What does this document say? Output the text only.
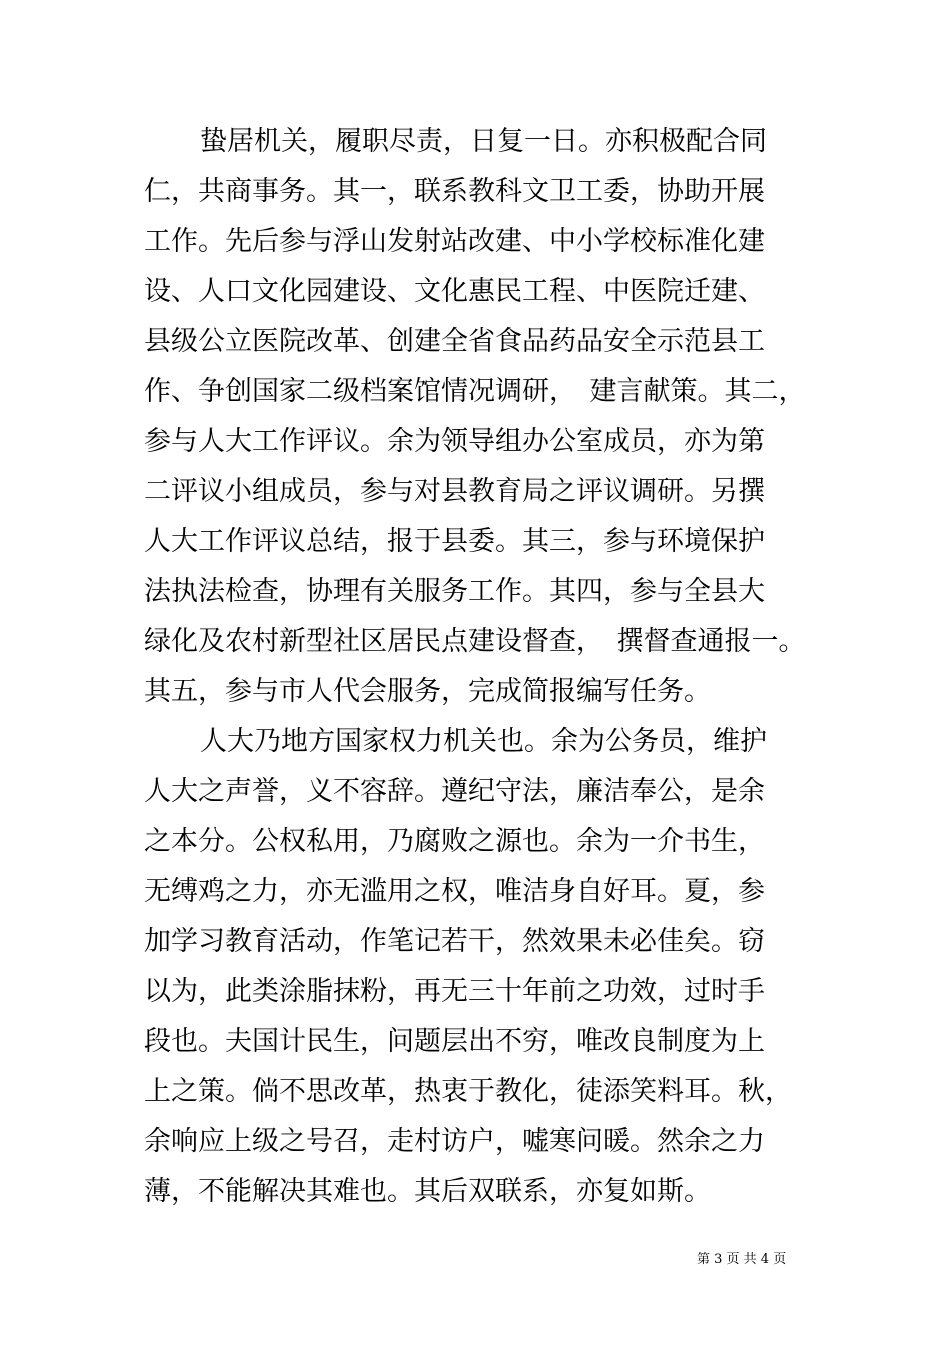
蛰居机关，履职尽责，日复一日。亦积极配合同
仁，共商事务。其一，联系教科文卫工委，协助开展
工作。先后参与浮山发射站改建、中小学校标准化建
设、人口文化园建设、文化惠民工程、中医院迁建、
县级公立医院改革、创建全省食品药品安全示范县工
作、争创国家二级档案馆情况调研，　建言献策。其二，
参与人大工作评议。余为领导组办公室成员，亦为第
二评议小组成员，参与对县教育局之评议调研。另撰
人大工作评议总结，报于县委。其三，参与环境保护
法执法检查，协理有关服务工作。其四，参与全县大
绿化及农村新型社区居民点建设督查，　撰督查通报一。
其五，参与市人代会服务，完成简报编写任务。
人大乃地方国家权力机关也。余为公务员，维护
人大之声誉，义不容辞。遵纪守法，廉洁奉公，是余
之本分。公权私用，乃腐败之源也。余为一介书生，
无缚鸡之力，亦无滥用之权，唯洁身自好耳。夏，参
加学习教育活动，作笔记若干，然效果未必佳矣。窃
以为，此类涂脂抹粉，再无三十年前之功效，过时手
段也。夫国计民生，问题层出不穷，唯改良制度为上
上之策。倘不思改革，热衷于教化，徒添笑料耳。秋，
余响应上级之号召，走村访户，嘘寒问暖。然余之力
薄，不能解决其难也。其后双联系，亦复如斯。
第 3 页 共 4 页
